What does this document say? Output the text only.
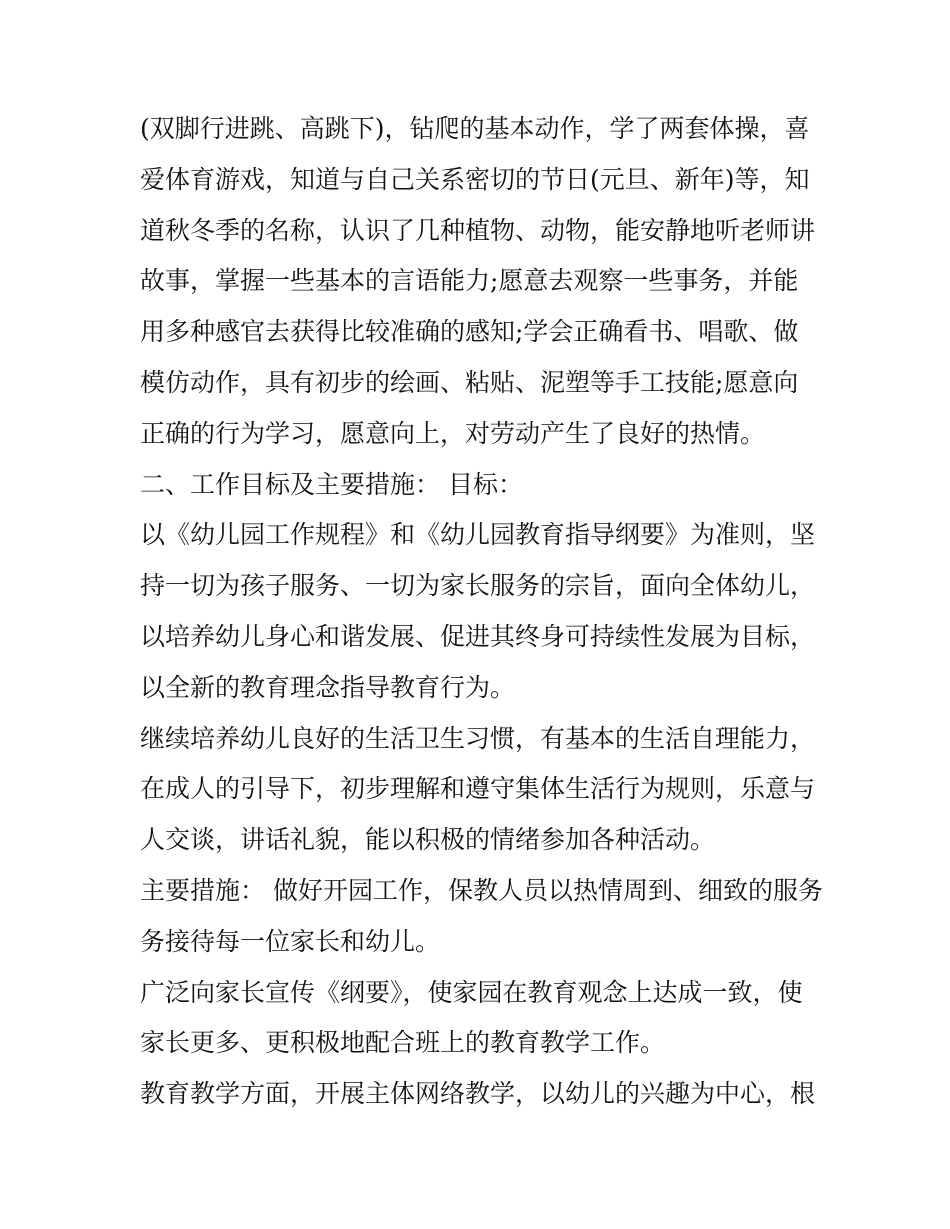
(双脚行进跳、高跳下)，钻爬的基本动作，学了两套体操，喜
爱体育游戏，知道与自己关系密切的节日(元旦、新年)等，知
道秋冬季的名称，认识了几种植物、动物，能安静地听老师讲
故事，掌握一些基本的言语能力;愿意去观察一些事务，并能
用多种感官去获得比较准确的感知;学会正确看书、唱歌、做
模仿动作，具有初步的绘画、粘贴、泥塑等手工技能;愿意向
正确的行为学习，愿意向上，对劳动产生了良好的热情。
二、工作目标及主要措施： 目标：
以《幼儿园工作规程》和《幼儿园教育指导纲要》为准则，坚
持一切为孩子服务、一切为家长服务的宗旨，面向全体幼儿，
以培养幼儿身心和谐发展、促进其终身可持续性发展为目标，
以全新的教育理念指导教育行为。
继续培养幼儿良好的生活卫生习惯，有基本的生活自理能力，
在成人的引导下，初步理解和遵守集体生活行为规则，乐意与
人交谈，讲话礼貌，能以积极的情绪参加各种活动。
主要措施： 做好开园工作，保教人员以热情周到、细致的服务
务接待每一位家长和幼儿。
广泛向家长宣传《纲要》，使家园在教育观念上达成一致，使
家长更多、更积极地配合班上的教育教学工作。
教育教学方面，开展主体网络教学，以幼儿的兴趣为中心，根
